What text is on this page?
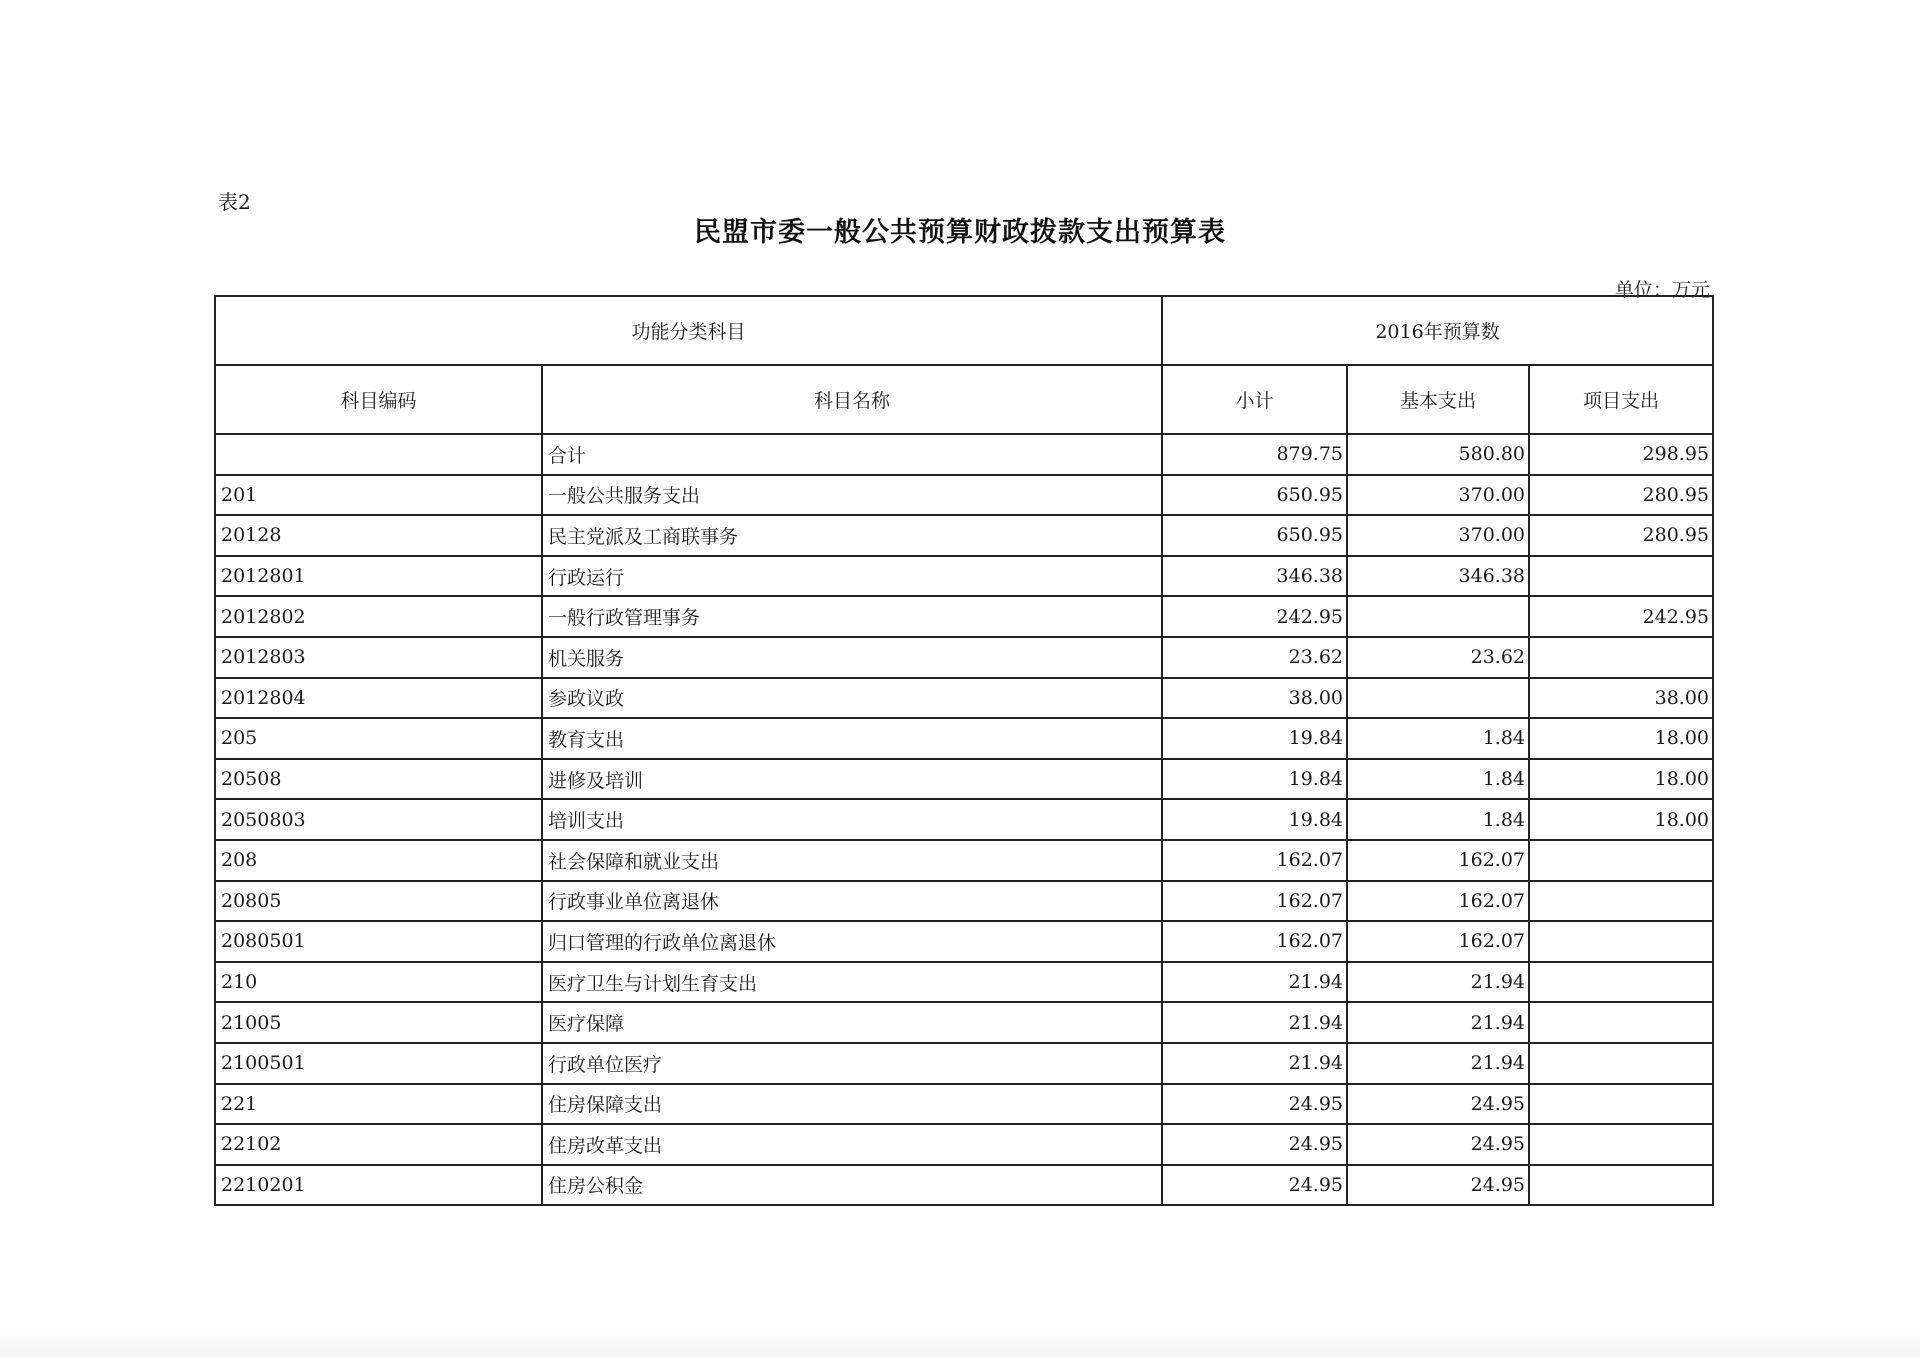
表2
民盟市委一般公共预算财政拨款支出预算表
单位：万元
功能分类科目		2016年预算数		
科目编码	科目名称	小计	基本支出	项目支出
	合计	879.75	580.80	298.95
201	一般公共服务支出	650.95	370.00	280.95
20128	民主党派及工商联事务	650.95	370.00	280.95
2012801	行政运行	346.38	346.38	
2012802	一般行政管理事务	242.95		242.95
2012803	机关服务	23.62	23.62	
2012804	参政议政	38.00		38.00
205	教育支出	19.84	1.84	18.00
20508	进修及培训	19.84	1.84	18.00
2050803	培训支出	19.84	1.84	18.00
208	社会保障和就业支出	162.07	162.07	
20805	行政事业单位离退休	162.07	162.07	
2080501	归口管理的行政单位离退休	162.07	162.07	
210	医疗卫生与计划生育支出	21.94	21.94	
21005	医疗保障	21.94	21.94	
2100501	行政单位医疗	21.94	21.94	
221	住房保障支出	24.95	24.95	
22102	住房改革支出	24.95	24.95	
2210201	住房公积金	24.95	24.95	
